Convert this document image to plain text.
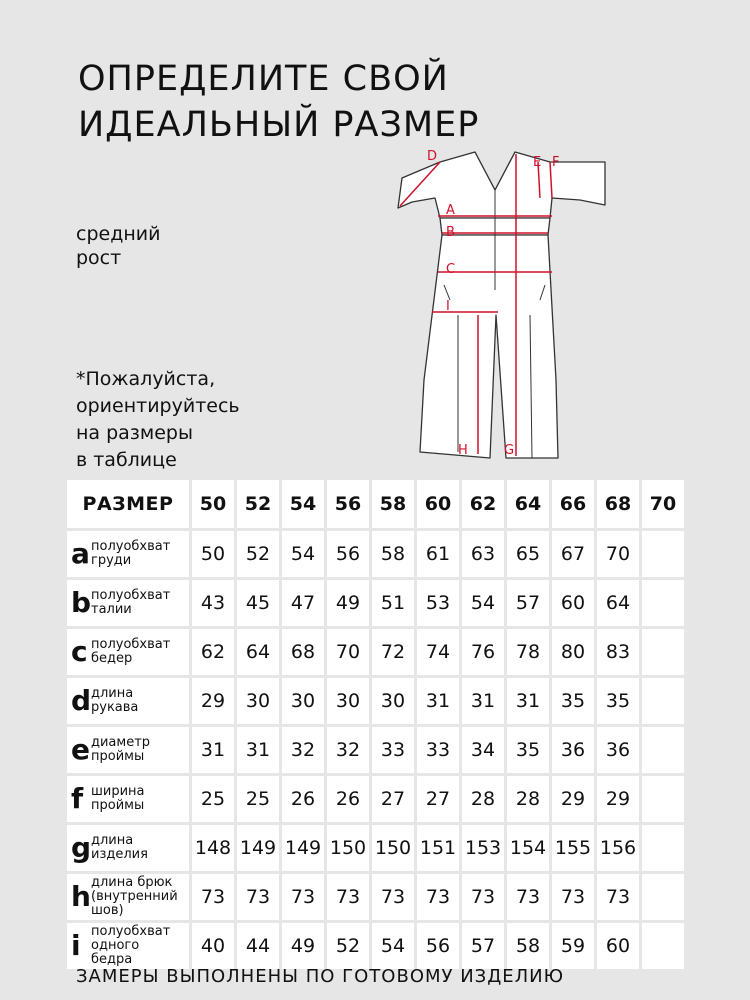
ОПРЕДЕЛИТЕ СВОЙ
ИДЕАЛЬНЫЙ РАЗМЕР
средний
рост
*Пожалуйста,
ориентируйтесь
на размеры
в таблице
D	E F
A
B
C
I
H	G
РАЗМЕР	50	52	54	56	58	60	62	64	66	68	70

a полуобхват
груди	50	52	54	56	58	61	63	65	67	70	

b полуобхват
талии	43	45	47	49	51	53	54	57	60	64	

c полуобхват
бедер	62	64	68	70	72	74	76	78	80	83	

d длина
рукава	29	30	30	30	30	31	31	31	35	35	

e диаметр
проймы	31	31	32	32	33	33	34	35	36	36	

f ширина
проймы	25	25	26	26	27	27	28	28	29	29	

g длина
изделия	148	149	149	150	150	151	153	154	155	156	

h длина брюк
(внутренний
шов)	73	73	73	73	73	73	73	73	73	73	

i полуобхват
одного
бедра	40	44	49	52	54	56	57	58	59	60	
ЗАМЕРЫ ВЫПОЛНЕНЫ ПО ГОТОВОМУ ИЗДЕЛИЮ
